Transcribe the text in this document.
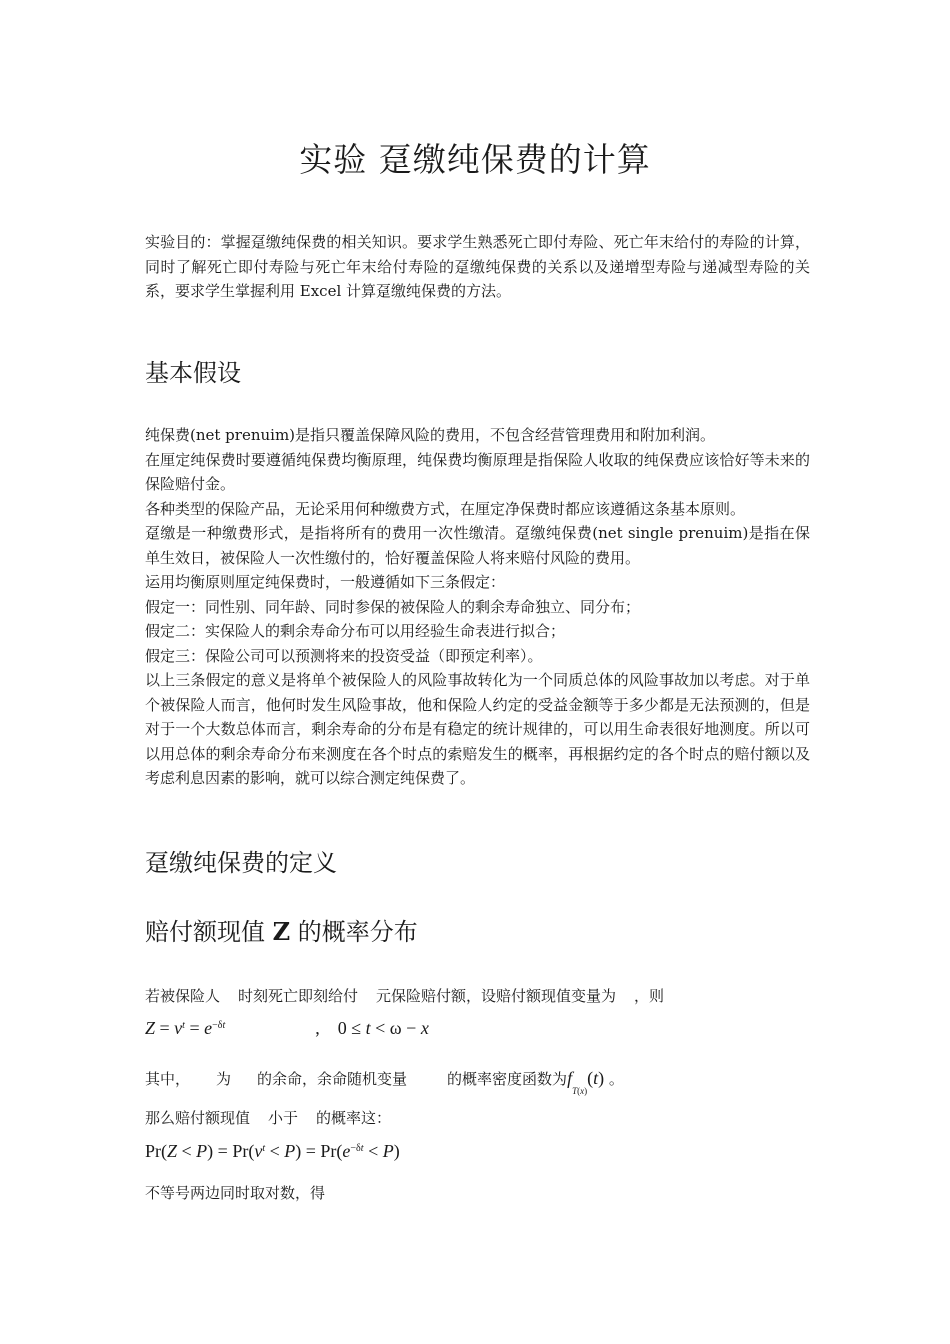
实验 趸缴纯保费的计算
实验目的：掌握趸缴纯保费的相关知识。要求学生熟悉死亡即付寿险、死亡年末给付的寿险的计算，同时了解死亡即付寿险与死亡年末给付寿险的趸缴纯保费的关系以及递增型寿险与递减型寿险的关系，要求学生掌握利用 Excel 计算趸缴纯保费的方法。
基本假设
纯保费(net prenuim)是指只覆盖保障风险的费用，不包含经营管理费用和附加利润。
在厘定纯保费时要遵循纯保费均衡原理，纯保费均衡原理是指保险人收取的纯保费应该恰好等未来的保险赔付金。
各种类型的保险产品，无论采用何种缴费方式，在厘定净保费时都应该遵循这条基本原则。
趸缴是一种缴费形式，是指将所有的费用一次性缴清。趸缴纯保费(net single prenuim)是指在保单生效日，被保险人一次性缴付的，恰好覆盖保险人将来赔付风险的费用。
运用均衡原则厘定纯保费时，一般遵循如下三条假定：
假定一：同性别、同年龄、同时参保的被保险人的剩余寿命独立、同分布；
假定二：实保险人的剩余寿命分布可以用经验生命表进行拟合；
假定三：保险公司可以预测将来的投资受益（即预定利率）。
以上三条假定的意义是将单个被保险人的风险事故转化为一个同质总体的风险事故加以考虑。对于单个被保险人而言，他何时发生风险事故，他和保险人约定的受益金额等于多少都是无法预测的，但是对于一个大数总体而言，剩余寿命的分布是有稳定的统计规律的，可以用生命表很好地测度。所以可以用总体的剩余寿命分布来测度在各个时点的索赔发生的概率，再根据约定的各个时点的赔付额以及考虑利息因素的影响，就可以综合测定纯保费了。
趸缴纯保费的定义
赔付额现值 Z 的概率分布
若被保险人 时刻死亡即刻给付 元保险赔付额，设赔付额现值变量为 ，则
$Z = v^t = e^{-\delta t}$	,    0 ≤ t < ω − x
其中， 为 的余命，余命随机变量	的概率密度函数为$f_{T(x)}(t)$ 。
那么赔付额现值 小于 的概率这：
$Pr(Z < P) = Pr(v^t < P) = Pr(e^{-\delta t} < P)$
不等号两边同时取对数，得
